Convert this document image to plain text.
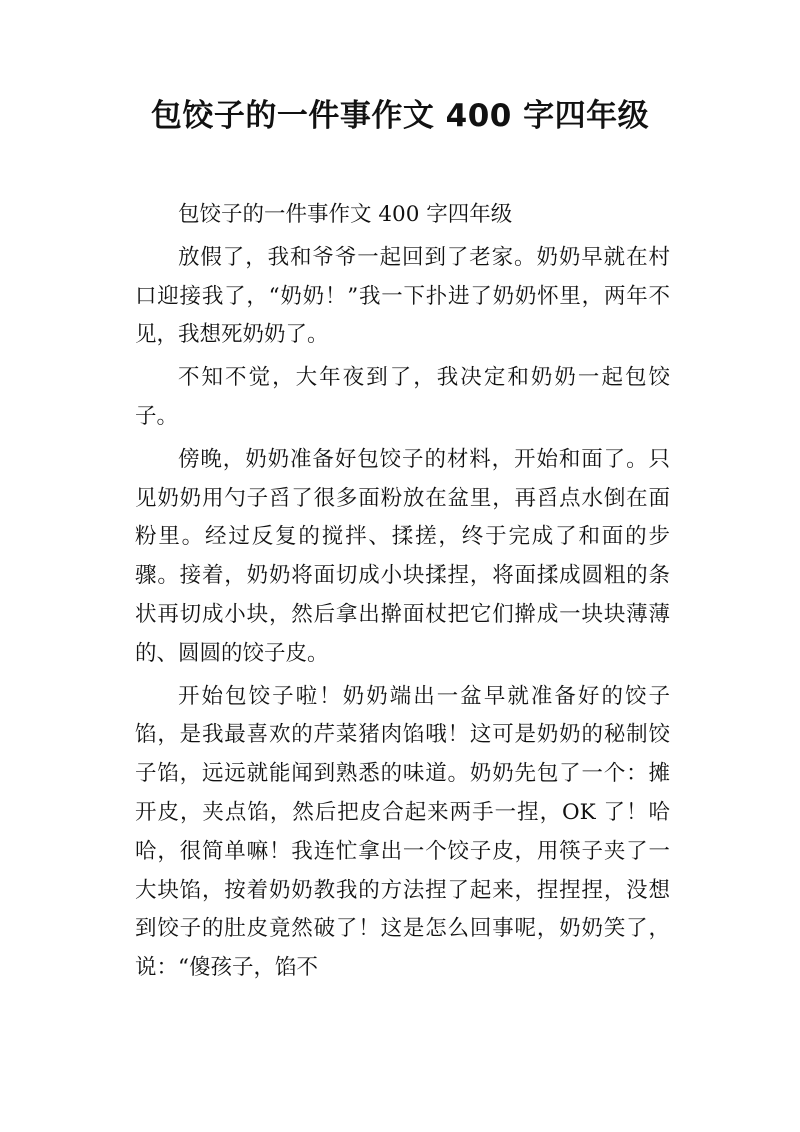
包饺子的一件事作文 400 字四年级

包饺子的一件事作文 400 字四年级

放假了，我和爷爷一起回到了老家。奶奶早就在村口迎接我了，“奶奶！”我一下扑进了奶奶怀里，两年不见，我想死奶奶了。

不知不觉，大年夜到了，我决定和奶奶一起包饺子。

傍晚，奶奶准备好包饺子的材料，开始和面了。只见奶奶用勺子舀了很多面粉放在盆里，再舀点水倒在面粉里。经过反复的搅拌、揉搓，终于完成了和面的步骤。接着，奶奶将面切成小块揉捏，将面揉成圆粗的条状再切成小块，然后拿出擀面杖把它们擀成一块块薄薄的、圆圆的饺子皮。

开始包饺子啦！奶奶端出一盆早就准备好的饺子馅，是我最喜欢的芹菜猪肉馅哦！这可是奶奶的秘制饺子馅，远远就能闻到熟悉的味道。奶奶先包了一个：摊开皮，夹点馅，然后把皮合起来两手一捏，OK 了！哈哈，很简单嘛！我连忙拿出一个饺子皮，用筷子夹了一大块馅，按着奶奶教我的方法捏了起来，捏捏捏，没想到饺子的肚皮竟然破了！这是怎么回事呢，奶奶笑了，说：“傻孩子，馅不
